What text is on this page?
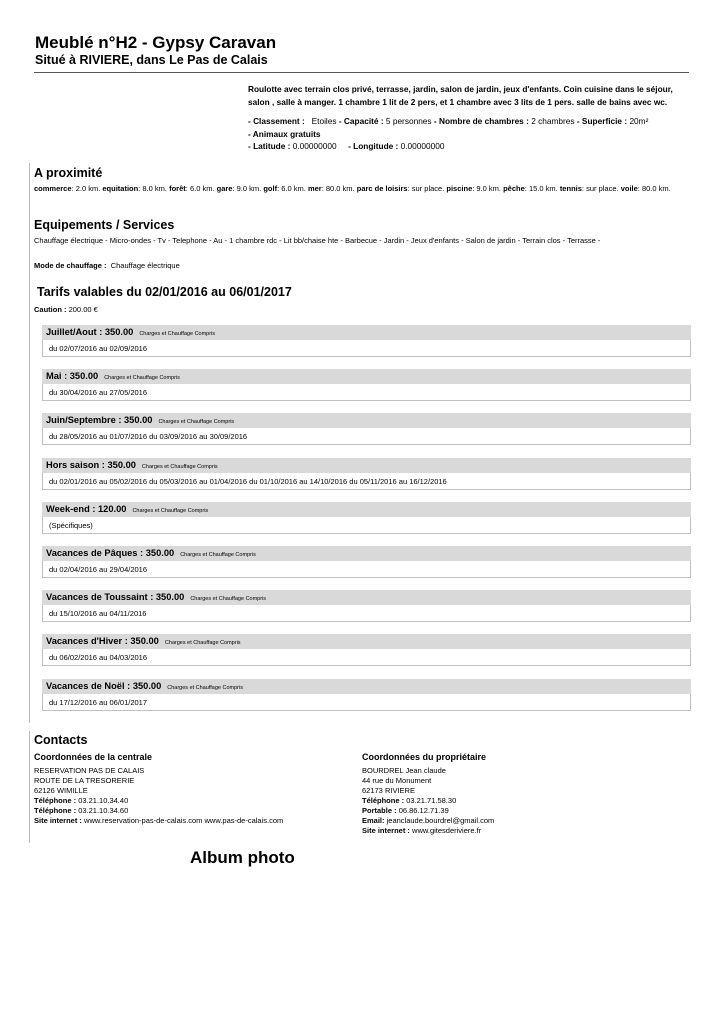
Meublé n°H2 - Gypsy Caravan
Situé à RIVIERE, dans Le Pas de Calais
Roulotte avec terrain clos privé, terrasse, jardin, salon de jardin, jeux d'enfants. Coin cuisine dans le séjour, salon , salle à manger. 1 chambre 1 lit de 2 pers, et 1 chambre avec 3 lits de 1 pers. salle de bains avec wc.
- Classement : Etoiles - Capacité : 5 personnes - Nombre de chambres : 2 chambres - Superficie : 20m²
- Animaux gratuits
- Latitude : 0.00000000 - Longitude : 0.00000000
A proximité
commerce: 2.0 km. equitation: 8.0 km. forêt: 6.0 km. gare: 9.0 km. golf: 6.0 km. mer: 80.0 km. parc de loisirs: sur place. piscine: 9.0 km. pêche: 15.0 km. tennis: sur place. voile: 80.0 km.
Equipements / Services
Chauffage électrique - Micro-ondes - Tv - Telephone - Au - 1 chambre rdc - Lit bb/chaise hte - Barbecue - Jardin - Jeux d'enfants - Salon de jardin - Terrain clos - Terrasse -
Mode de chauffage : Chauffage électrique
Tarifs valables du 02/01/2016 au 06/01/2017
Caution : 200.00 €
Juillet/Aout : 350.00 Charges et Chauffage Compris
du 02/07/2016 au 02/09/2016
Mai : 350.00 Charges et Chauffage Compris
du 30/04/2016 au 27/05/2016
Juin/Septembre : 350.00 Charges et Chauffage Compris
du 28/05/2016 au 01/07/2016 du 03/09/2016 au 30/09/2016
Hors saison : 350.00 Charges et Chauffage Compris
du 02/01/2016 au 05/02/2016 du 05/03/2016 au 01/04/2016 du 01/10/2016 au 14/10/2016 du 05/11/2016 au 16/12/2016
Week-end : 120.00 Charges et Chauffage Compris
(Spécifiques)
Vacances de Pâques : 350.00 Charges et Chauffage Compris
du 02/04/2016 au 29/04/2016
Vacances de Toussaint : 350.00 Charges et Chauffage Compris
du 15/10/2016 au 04/11/2016
Vacances d'Hiver : 350.00 Charges et Chauffage Compris
du 06/02/2016 au 04/03/2016
Vacances de Noël : 350.00 Charges et Chauffage Compris
du 17/12/2016 au 06/01/2017
Contacts
Coordonnées de la centrale
RESERVATION PAS DE CALAIS
ROUTE DE LA TRESORERIE
62126 WIMILLE
Téléphone : 03.21.10.34.40
Téléphone : 03.21.10.34.60
Site internet : www.reservation-pas-de-calais.com www.pas-de-calais.com
Coordonnées du propriétaire
BOURDREL Jean claude
44 rue du Monument
62173 RIVIERE
Téléphone : 03.21.71.58.30
Portable : 06.86.12.71.39
Email: jeanclaude.bourdrel@gmail.com
Site internet : www.gitesderiviere.fr
Album photo
